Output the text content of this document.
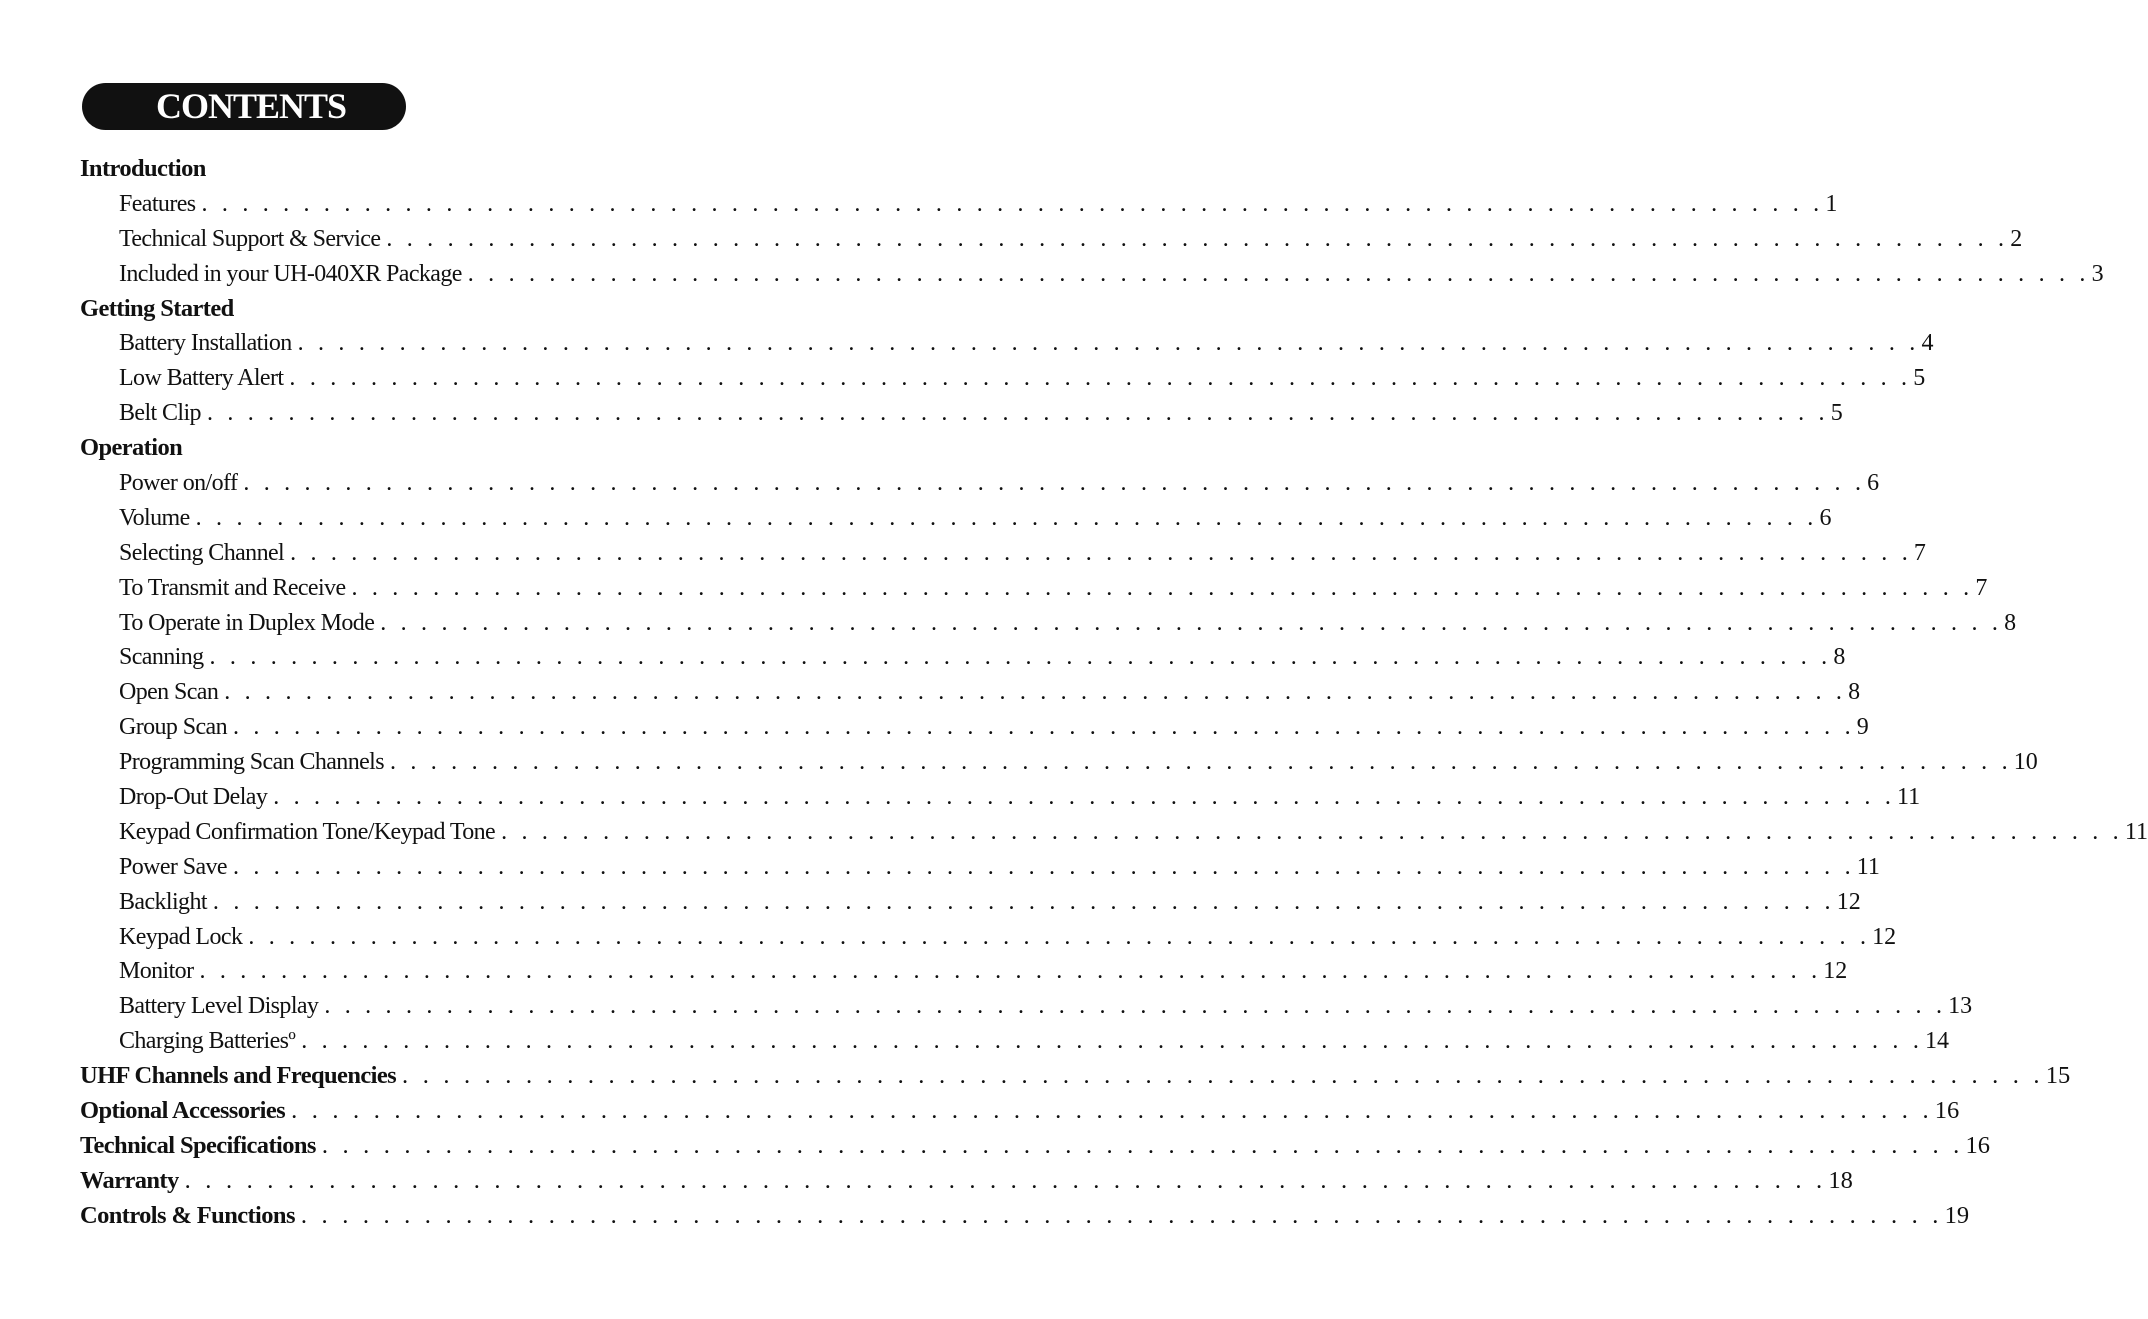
CONTENTS
Introduction
Features . . . . . . . . . . . . . . . . . . . . . . . . . . . . . . . . . . . . . . . . . . . . . . . . . . . . . . . . . . . . . . . . . . . . . . . . . . . . . . . . 1
Technical Support & Service . . . . . . . . . . . . . . . . . . . . . . . . . . . . . . . . . . . . . . . . . . . . . . . . . . . . . . . . . . . . . . . . . . . . . . . . . . . . . . . . 2
Included in your UH-040XR Package . . . . . . . . . . . . . . . . . . . . . . . . . . . . . . . . . . . . . . . . . . . . . . . . . . . . . . . . . . . . . . . . . . . . . . . . . . . . . . . . 3
Getting Started
Battery Installation . . . . . . . . . . . . . . . . . . . . . . . . . . . . . . . . . . . . . . . . . . . . . . . . . . . . . . . . . . . . . . . . . . . . . . . . . . . . . . . . 4
Low Battery Alert . . . . . . . . . . . . . . . . . . . . . . . . . . . . . . . . . . . . . . . . . . . . . . . . . . . . . . . . . . . . . . . . . . . . . . . . . . . . . . . . 5
Belt Clip . . . . . . . . . . . . . . . . . . . . . . . . . . . . . . . . . . . . . . . . . . . . . . . . . . . . . . . . . . . . . . . . . . . . . . . . . . . . . . . . 5
Operation
Power on/off . . . . . . . . . . . . . . . . . . . . . . . . . . . . . . . . . . . . . . . . . . . . . . . . . . . . . . . . . . . . . . . . . . . . . . . . . . . . . . . . 6
Volume . . . . . . . . . . . . . . . . . . . . . . . . . . . . . . . . . . . . . . . . . . . . . . . . . . . . . . . . . . . . . . . . . . . . . . . . . . . . . . . . 6
Selecting Channel . . . . . . . . . . . . . . . . . . . . . . . . . . . . . . . . . . . . . . . . . . . . . . . . . . . . . . . . . . . . . . . . . . . . . . . . . . . . . . . . 7
To Transmit and Receive . . . . . . . . . . . . . . . . . . . . . . . . . . . . . . . . . . . . . . . . . . . . . . . . . . . . . . . . . . . . . . . . . . . . . . . . . . . . . . . . 7
To Operate in Duplex Mode . . . . . . . . . . . . . . . . . . . . . . . . . . . . . . . . . . . . . . . . . . . . . . . . . . . . . . . . . . . . . . . . . . . . . . . . . . . . . . . . 8
Scanning . . . . . . . . . . . . . . . . . . . . . . . . . . . . . . . . . . . . . . . . . . . . . . . . . . . . . . . . . . . . . . . . . . . . . . . . . . . . . . . . 8
Open Scan . . . . . . . . . . . . . . . . . . . . . . . . . . . . . . . . . . . . . . . . . . . . . . . . . . . . . . . . . . . . . . . . . . . . . . . . . . . . . . . . 8
Group Scan . . . . . . . . . . . . . . . . . . . . . . . . . . . . . . . . . . . . . . . . . . . . . . . . . . . . . . . . . . . . . . . . . . . . . . . . . . . . . . . . 9
Programming Scan Channels . . . . . . . . . . . . . . . . . . . . . . . . . . . . . . . . . . . . . . . . . . . . . . . . . . . . . . . . . . . . . . . . . . . . . . . . . . . . . . . . 10
Drop-Out Delay . . . . . . . . . . . . . . . . . . . . . . . . . . . . . . . . . . . . . . . . . . . . . . . . . . . . . . . . . . . . . . . . . . . . . . . . . . . . . . . . 11
Keypad Confirmation Tone/Keypad Tone . . . . . . . . . . . . . . . . . . . . . . . . . . . . . . . . . . . . . . . . . . . . . . . . . . . . . . . . . . . . . . . . . . . . . . . . . . . . . . . . 11
Power Save . . . . . . . . . . . . . . . . . . . . . . . . . . . . . . . . . . . . . . . . . . . . . . . . . . . . . . . . . . . . . . . . . . . . . . . . . . . . . . . . 11
Backlight . . . . . . . . . . . . . . . . . . . . . . . . . . . . . . . . . . . . . . . . . . . . . . . . . . . . . . . . . . . . . . . . . . . . . . . . . . . . . . . . 12
Keypad Lock . . . . . . . . . . . . . . . . . . . . . . . . . . . . . . . . . . . . . . . . . . . . . . . . . . . . . . . . . . . . . . . . . . . . . . . . . . . . . . . . 12
Monitor . . . . . . . . . . . . . . . . . . . . . . . . . . . . . . . . . . . . . . . . . . . . . . . . . . . . . . . . . . . . . . . . . . . . . . . . . . . . . . . . 12
Battery Level Display . . . . . . . . . . . . . . . . . . . . . . . . . . . . . . . . . . . . . . . . . . . . . . . . . . . . . . . . . . . . . . . . . . . . . . . . . . . . . . . . 13
Charging Batteriesº . . . . . . . . . . . . . . . . . . . . . . . . . . . . . . . . . . . . . . . . . . . . . . . . . . . . . . . . . . . . . . . . . . . . . . . . . . . . . . . . 14
UHF Channels and Frequencies . . . . . . . . . . . . . . . . . . . . . . . . . . . . . . . . . . . . . . . . . . . . . . . . . . . . . . . . . . . . . . . . . . . . . . . . . . . . . . . . 15
Optional Accessories . . . . . . . . . . . . . . . . . . . . . . . . . . . . . . . . . . . . . . . . . . . . . . . . . . . . . . . . . . . . . . . . . . . . . . . . . . . . . . . . 16
Technical Specifications . . . . . . . . . . . . . . . . . . . . . . . . . . . . . . . . . . . . . . . . . . . . . . . . . . . . . . . . . . . . . . . . . . . . . . . . . . . . . . . . 16
Warranty . . . . . . . . . . . . . . . . . . . . . . . . . . . . . . . . . . . . . . . . . . . . . . . . . . . . . . . . . . . . . . . . . . . . . . . . . . . . . . . . 18
Controls & Functions . . . . . . . . . . . . . . . . . . . . . . . . . . . . . . . . . . . . . . . . . . . . . . . . . . . . . . . . . . . . . . . . . . . . . . . . . . . . . . . . 19
